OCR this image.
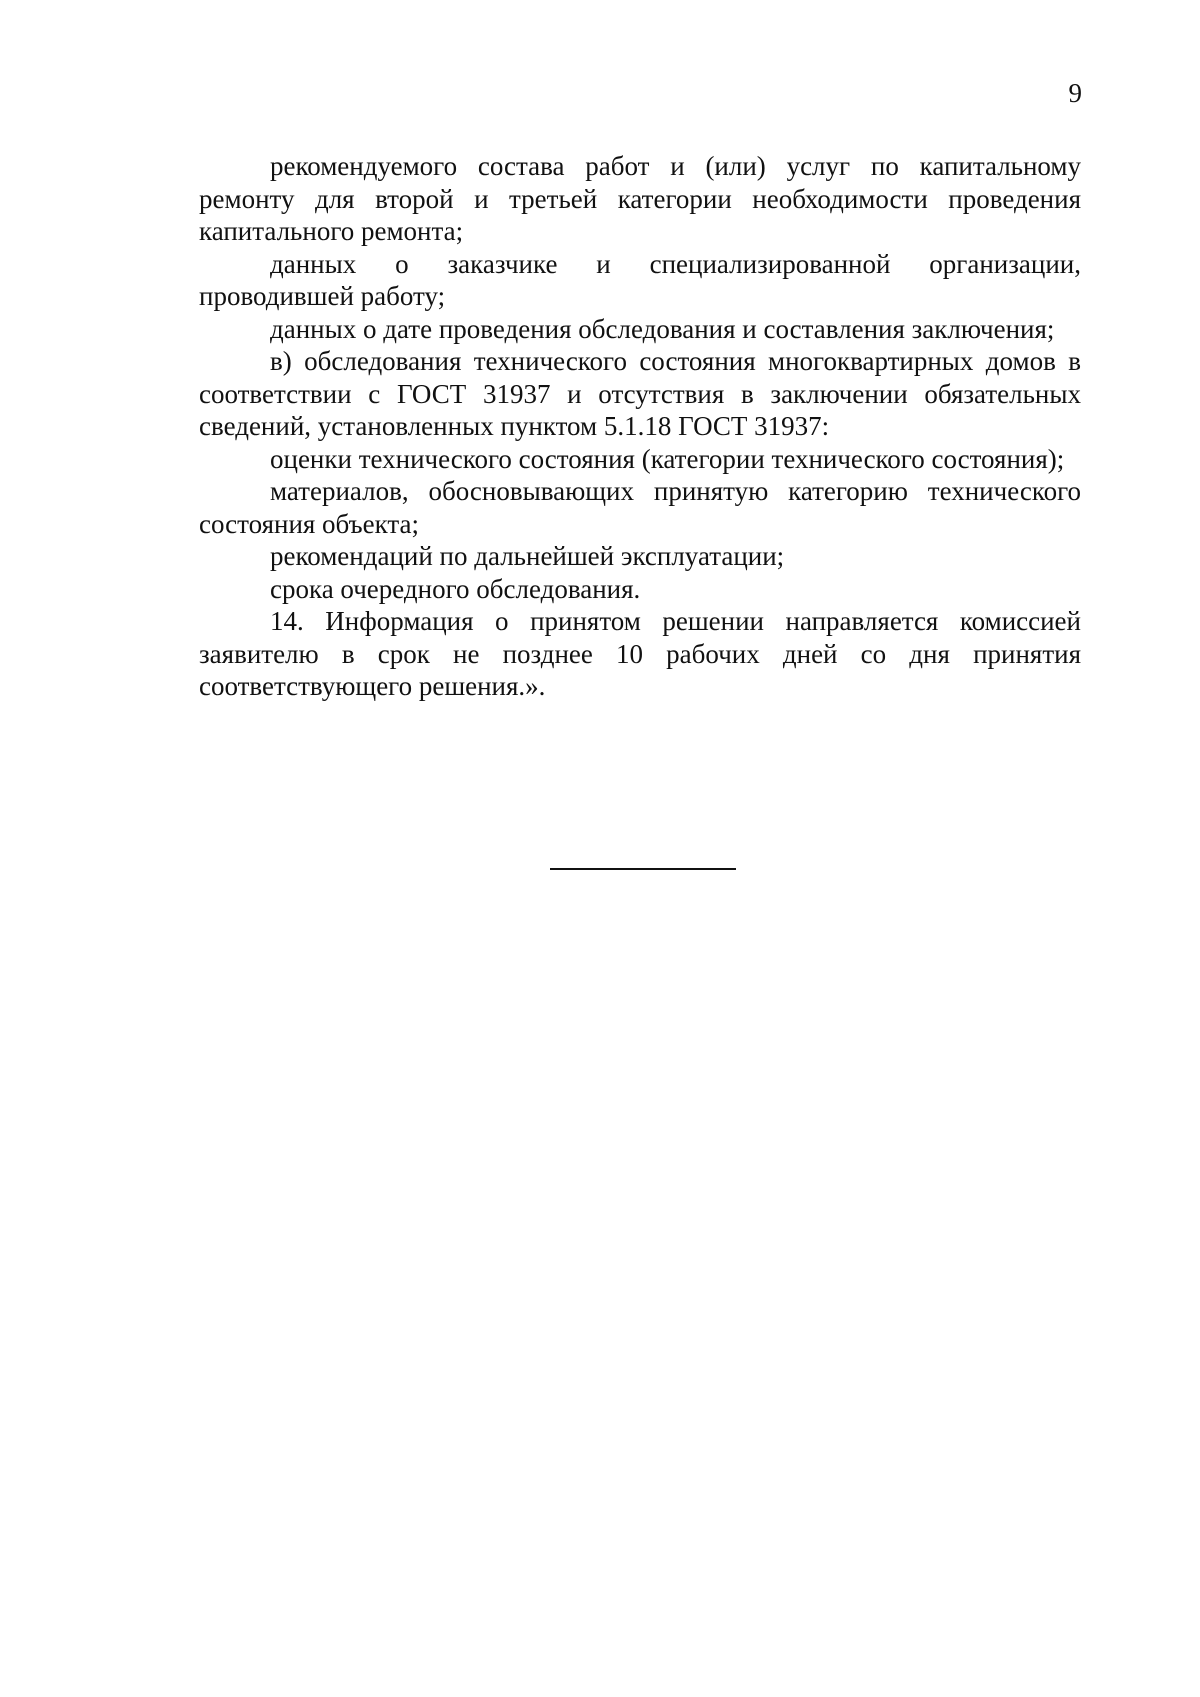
9

рекомендуемого состава работ и (или) услуг по капитальному ремонту для второй и третьей категории необходимости проведения капитального ремонта;

данных о заказчике и специализированной организации, проводившей работу;

данных о дате проведения обследования и составления заключения;

в) обследования технического состояния многоквартирных домов в соответствии с ГОСТ 31937 и отсутствия в заключении обязательных сведений, установленных пунктом 5.1.18 ГОСТ 31937:

оценки технического состояния (категории технического состояния);

материалов, обосновывающих принятую категорию технического состояния объекта;

рекомендаций по дальнейшей эксплуатации;

срока очередного обследования.

14. Информация о принятом решении направляется комиссией заявителю в срок не позднее 10 рабочих дней со дня принятия соответствующего решения.».
